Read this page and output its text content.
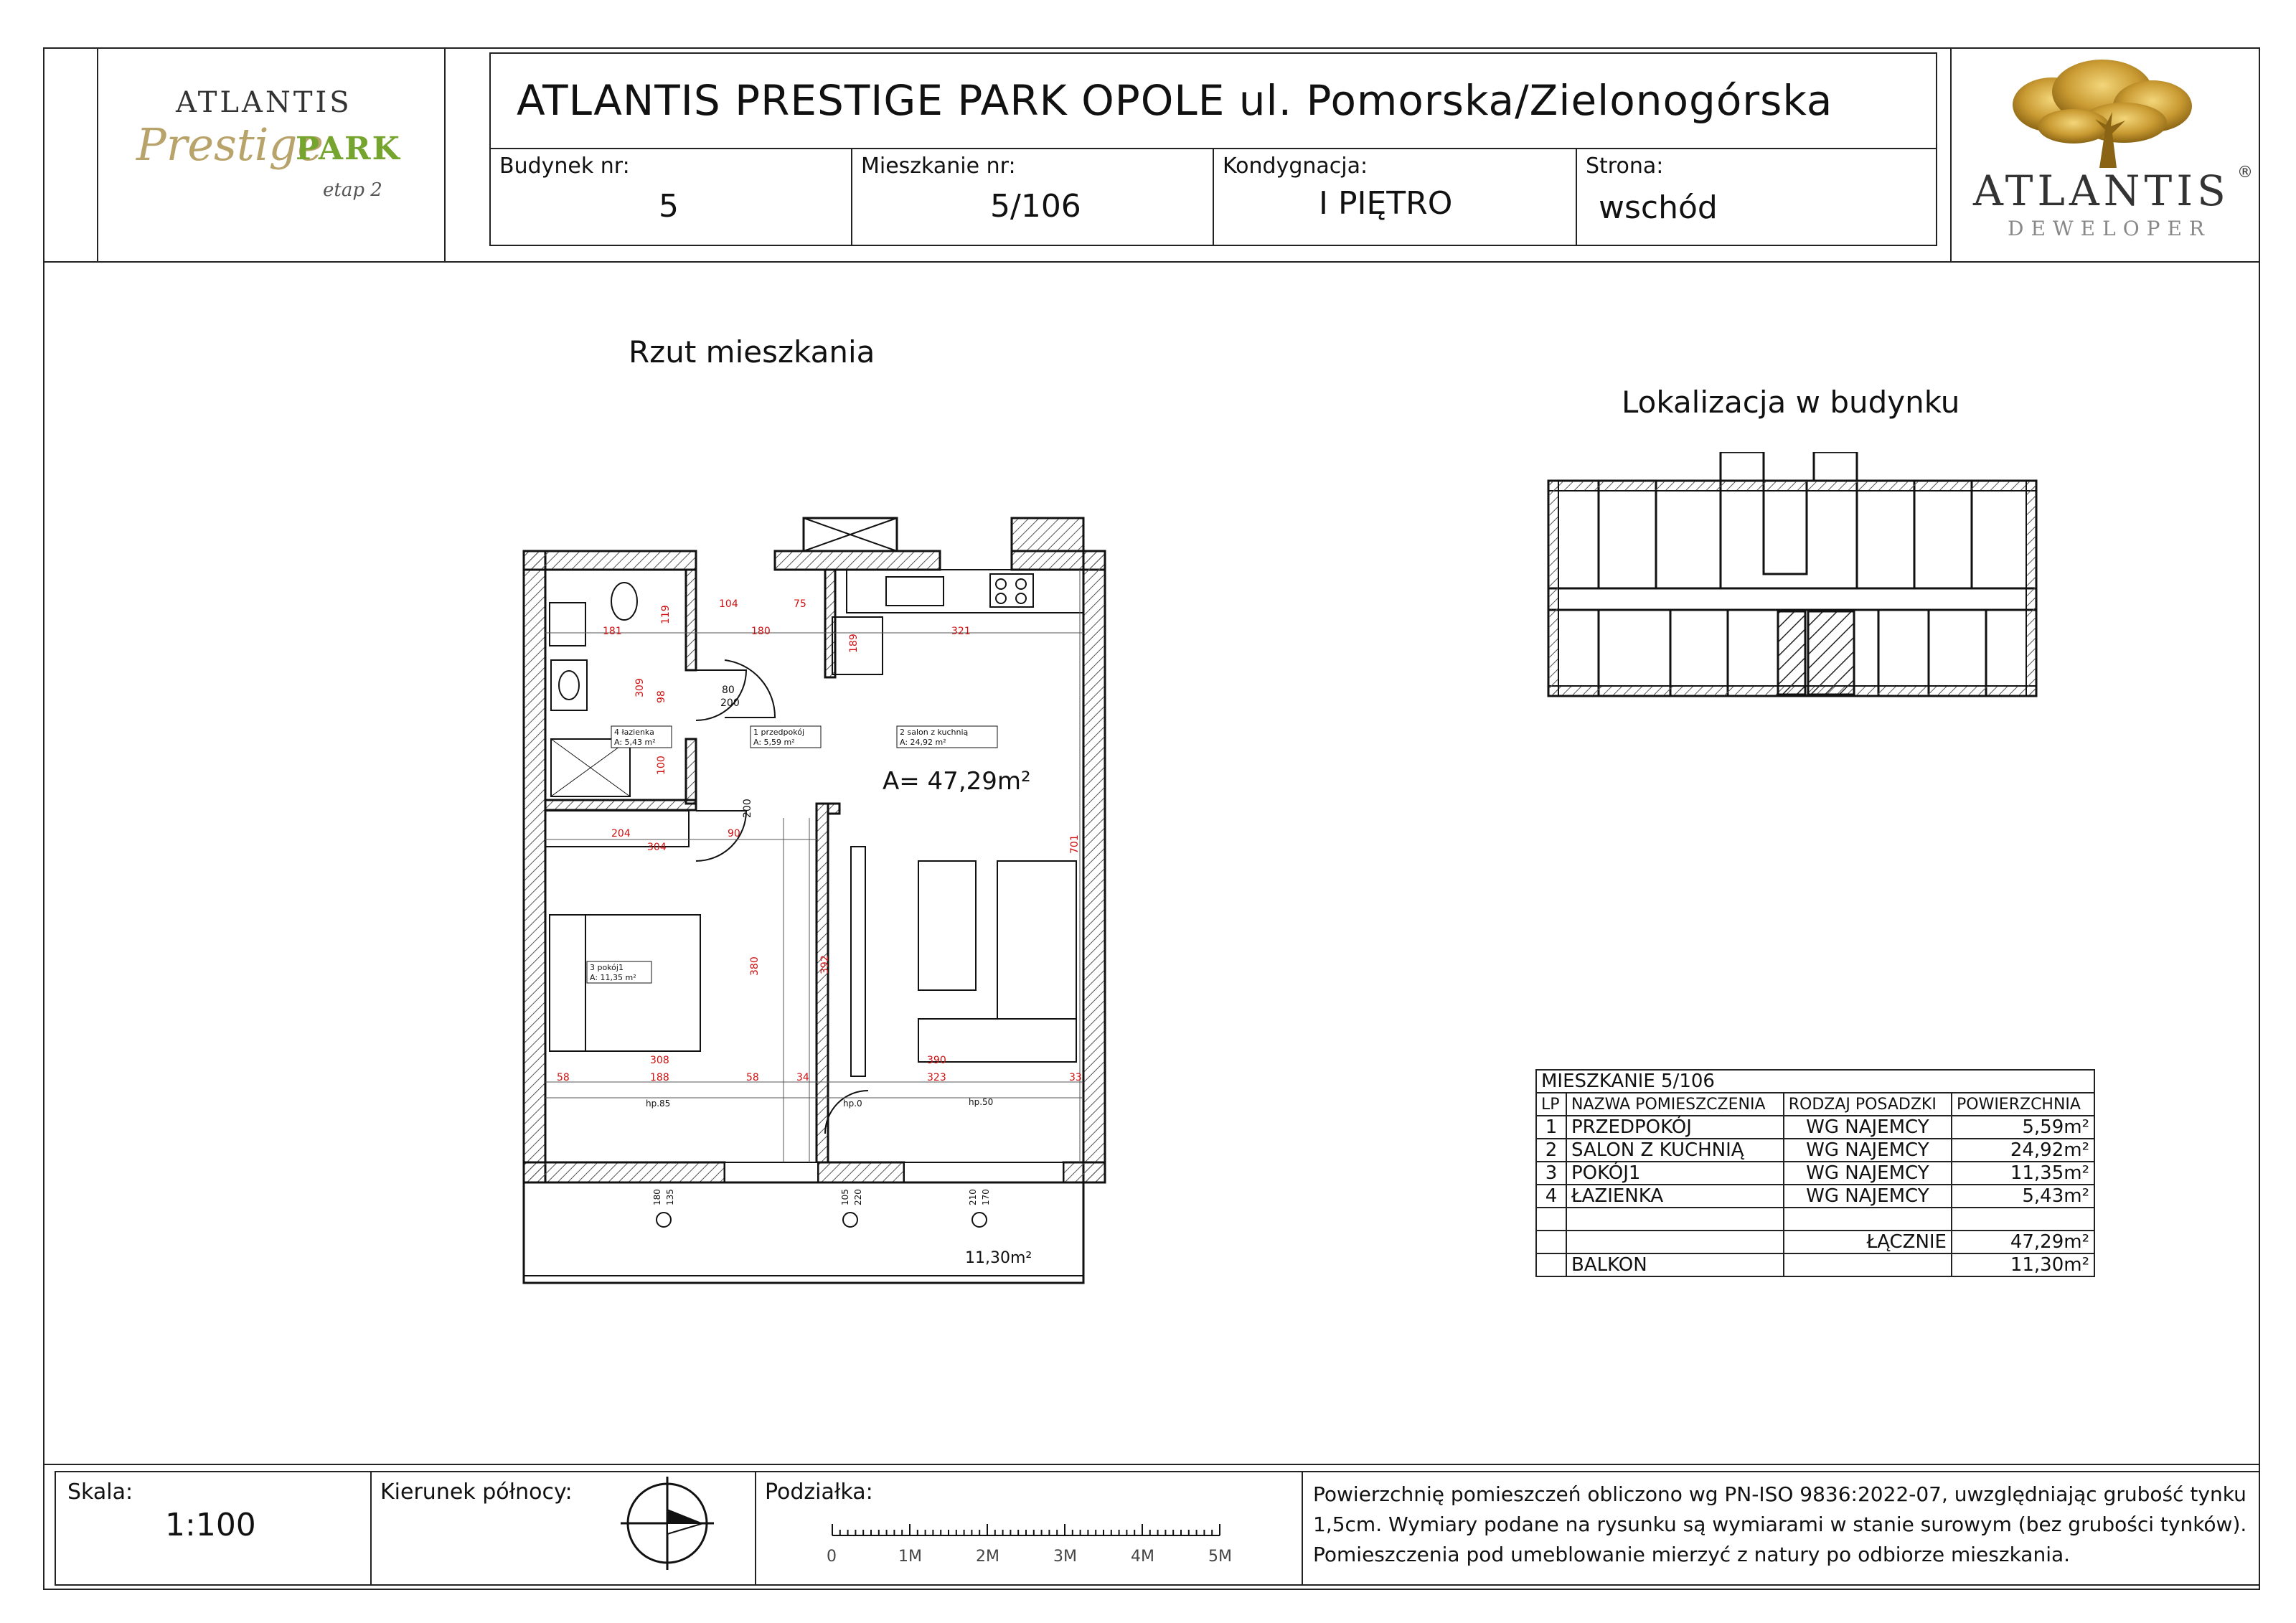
ATLANTIS
Prestige
PARK
etap 2
ATLANTIS PRESTIGE PARK OPOLE ul. Pomorska/Zielonogórska
Budynek nr:
5
Mieszkanie nr:
5/106
Kondygnacja:
I PIĘTRO
Strona:
wschód	ATLANTIS ®
DEWELOPER
Rzut mieszkania
4 łazienka
A: 5,43 m²
1 przedpokój
A: 5,59 m²
2 salon z kuchnią
A: 24,92 m²
3 pokój1
A: 11,35 m²
A= 47,29m²
11,30m²
104	75
181	180
119
189
321
309 98
80
200
100
200
204
304
90
701
380	392
308	390
188
58	58	34	323	33
hp.85	hp.0	hp.50
180 135	105 220	210 170
Lokalizacja w budynku
MIESZKANIE 5/106			
LP	NAZWA POMIESZCZENIA	RODZAJ POSADZKI	POWIERZCHNIA
1	PRZEDPOKÓJ	WG NAJEMCY	5,59m²
2	SALON Z KUCHNIĄ	WG NAJEMCY	24,92m²
3	POKÓJ1	WG NAJEMCY	11,35m²
4	ŁAZIENKA	WG NAJEMCY	5,43m²

		ŁĄCZNIE	47,29m²
	BALKON		11,30m²
Skala:
1:100
Kierunek północy:	Podziałka:
0	1M	2M	3M	4M	5M
Powierzchnię pomieszczeń obliczono wg PN-ISO 9836:2022-07, uwzględniając grubość tynku 1,5cm. Wymiary podane na rysunku są wymiarami w stanie surowym (bez grubości tynków). Pomieszczenia pod umeblowanie mierzyć z natury po odbiorze mieszkania.
